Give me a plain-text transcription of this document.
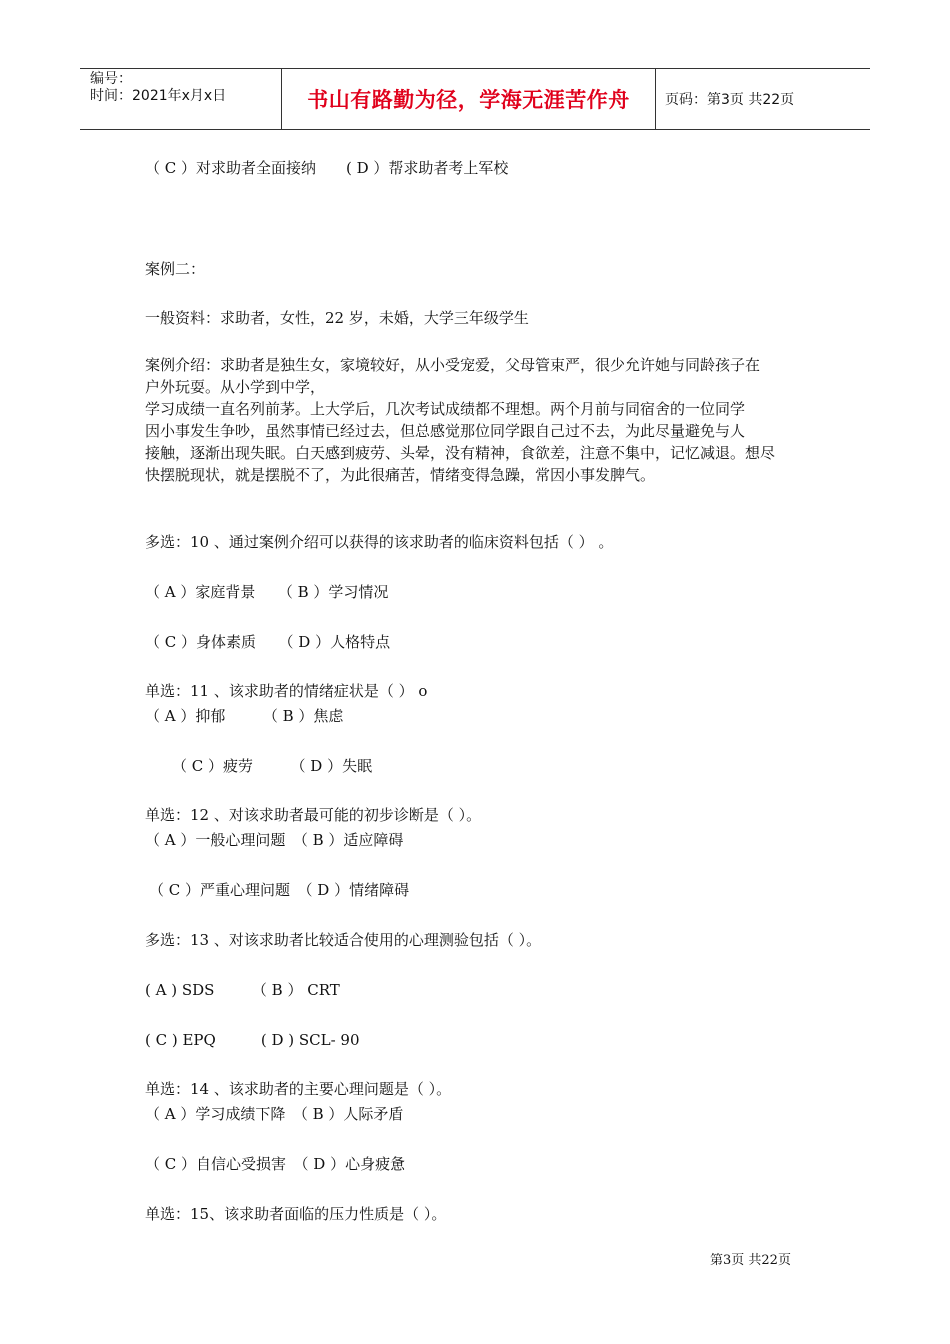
编号：
时间：2021年x月x日	书山有路勤为径，学海无涯苦作舟	页码：第3页 共22页
（ C ）对求助者全面接纳　　( D ）帮求助者考上军校
案例二：
一般资料：求助者，女性，22 岁，未婚，大学三年级学生
案例介绍：求助者是独生女，家境较好，从小受宠爱，父母管束严，很少允许她与同龄孩子在
户外玩耍。从小学到中学，
学习成绩一直名列前茅。上大学后，几次考试成绩都不理想。两个月前与同宿舍的一位同学
因小事发生争吵，虽然事情已经过去，但总感觉那位同学跟自己过不去，为此尽量避免与人
接触，逐渐出现失眠。白天感到疲劳、头晕，没有精神，食欲差，注意不集中，记忆减退。想尽
快摆脱现状，就是摆脱不了，为此很痛苦，情绪变得急躁，常因小事发脾气。
多选：10 、通过案例介绍可以获得的该求助者的临床资料包括（ ） 。
（ A ）家庭背景　　（ B ）学习情况
（ C ）身体素质　　（ D ）人格特点
单选：11 、该求助者的情绪症状是（ ） o
（ A ）抑郁　　　（ B ）焦虑
（ C ）疲劳　　　（ D ）失眠
单选：12 、对该求助者最可能的初步诊断是（ ）。
（ A ）一般心理问题　（ B ）适应障碍
（ C ）严重心理问题　（ D ）情绪障碍
多选：13 、对该求助者比较适合使用的心理测验包括（ ）。
( A ) SDS　　　（ B ） CRT
( C ) EPQ　　　( D ) SCL- 90
单选：14 、该求助者的主要心理问题是（ ）。
（ A ）学习成绩下降　（ B ）人际矛盾
（ C ）自信心受损害　（ D ）心身疲惫
单选：15、该求助者面临的压力性质是（ ）。
第3页 共22页
